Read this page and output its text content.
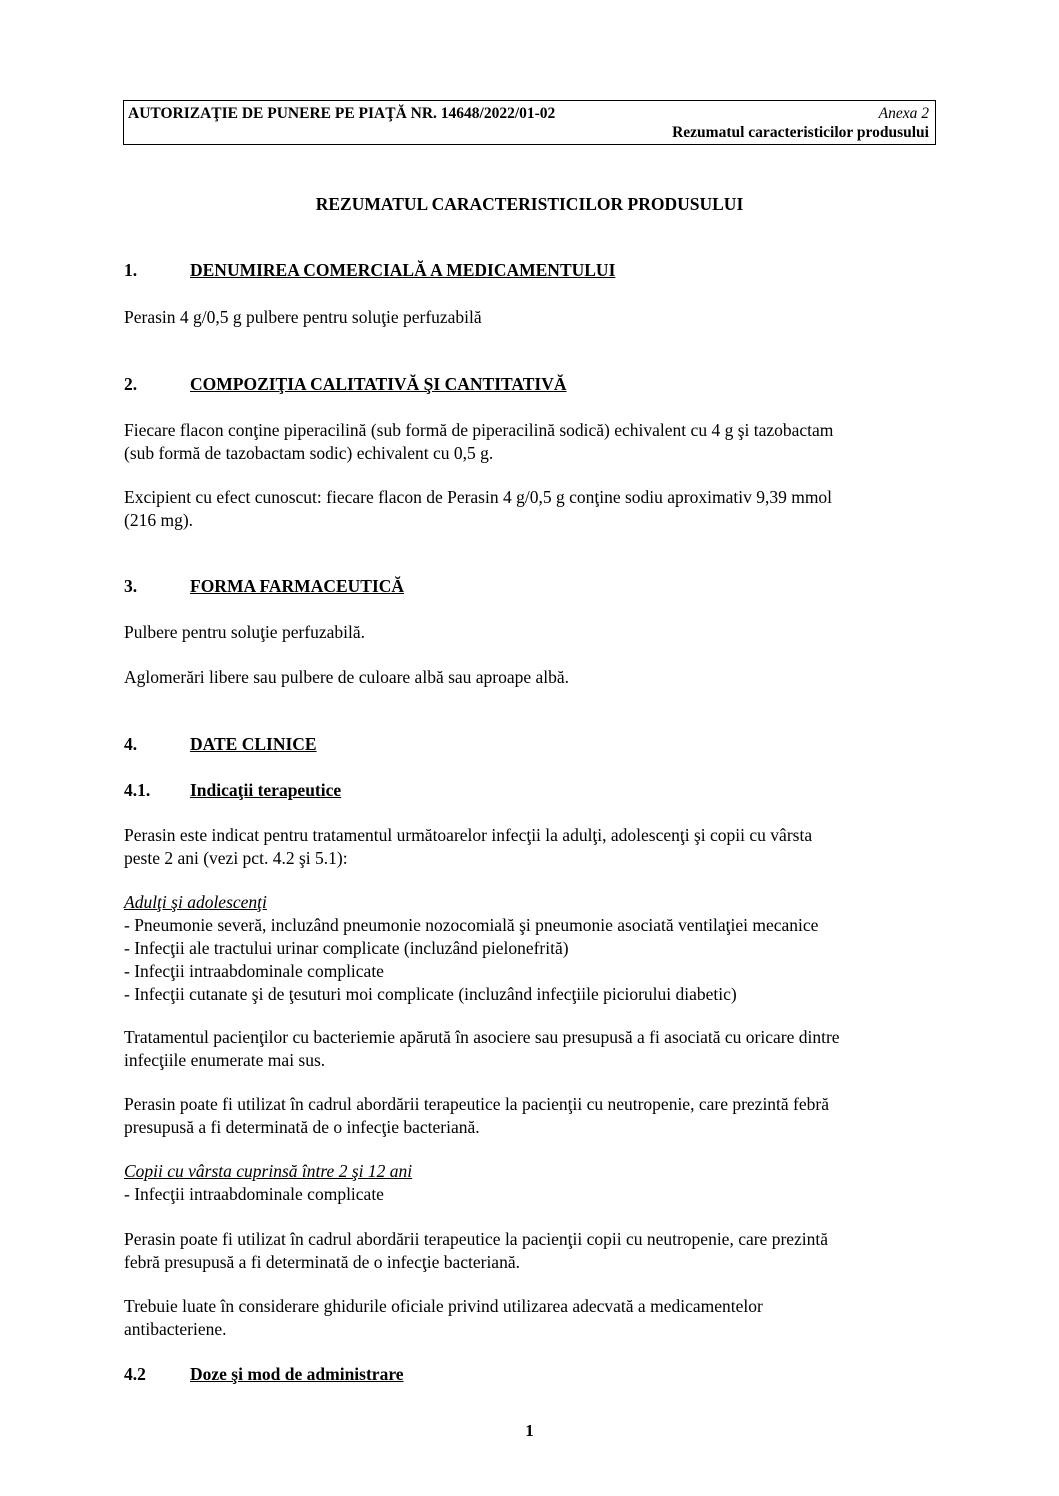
AUTORIZAŢIE DE PUNERE PE PIAŢĂ NR. 14648/2022/01-02	Anexa 2
Rezumatul caracteristicilor produsului
REZUMATUL CARACTERISTICILOR PRODUSULUI
1.	DENUMIREA COMERCIALĂ A MEDICAMENTULUI

Perasin 4 g/0,5 g pulbere pentru soluţie perfuzabilă

2.	COMPOZIŢIA CALITATIVĂ ŞI CANTITATIVĂ

Fiecare flacon conţine piperacilină (sub formă de piperacilină sodică) echivalent cu 4 g şi tazobactam

(sub formă de tazobactam sodic) echivalent cu 0,5 g.

Excipient cu efect cunoscut: fiecare flacon de Perasin 4 g/0,5 g conţine sodiu aproximativ 9,39 mmol

(216 mg).

3.	FORMA FARMACEUTICĂ

Pulbere pentru soluţie perfuzabilă.

Aglomerări libere sau pulbere de culoare albă sau aproape albă.

4.	DATE CLINICE
4.1.	Indicaţii terapeutice

Perasin este indicat pentru tratamentul următoarelor infecţii la adulţi, adolescenţi şi copii cu vârsta

peste 2 ani (vezi pct. 4.2 şi 5.1):

Adulţi şi adolescenţi

- Pneumonie severă, incluzând pneumonie nozocomială şi pneumonie asociată ventilaţiei mecanice

- Infecţii ale tractului urinar complicate (incluzând pielonefrită)

- Infecţii intraabdominale complicate

- Infecţii cutanate şi de ţesuturi moi complicate (incluzând infecţiile piciorului diabetic)

Tratamentul pacienţilor cu bacteriemie apărută în asociere sau presupusă a fi asociată cu oricare dintre

infecţiile enumerate mai sus.

Perasin poate fi utilizat în cadrul abordării terapeutice la pacienţii cu neutropenie, care prezintă febră

presupusă a fi determinată de o infecţie bacteriană.

Copii cu vârsta cuprinsă între 2 şi 12 ani

- Infecţii intraabdominale complicate

Perasin poate fi utilizat în cadrul abordării terapeutice la pacienţii copii cu neutropenie, care prezintă

febră presupusă a fi determinată de o infecţie bacteriană.

Trebuie luate în considerare ghidurile oficiale privind utilizarea adecvată a medicamentelor

antibacteriene.

4.2	Doze şi mod de administrare
1
